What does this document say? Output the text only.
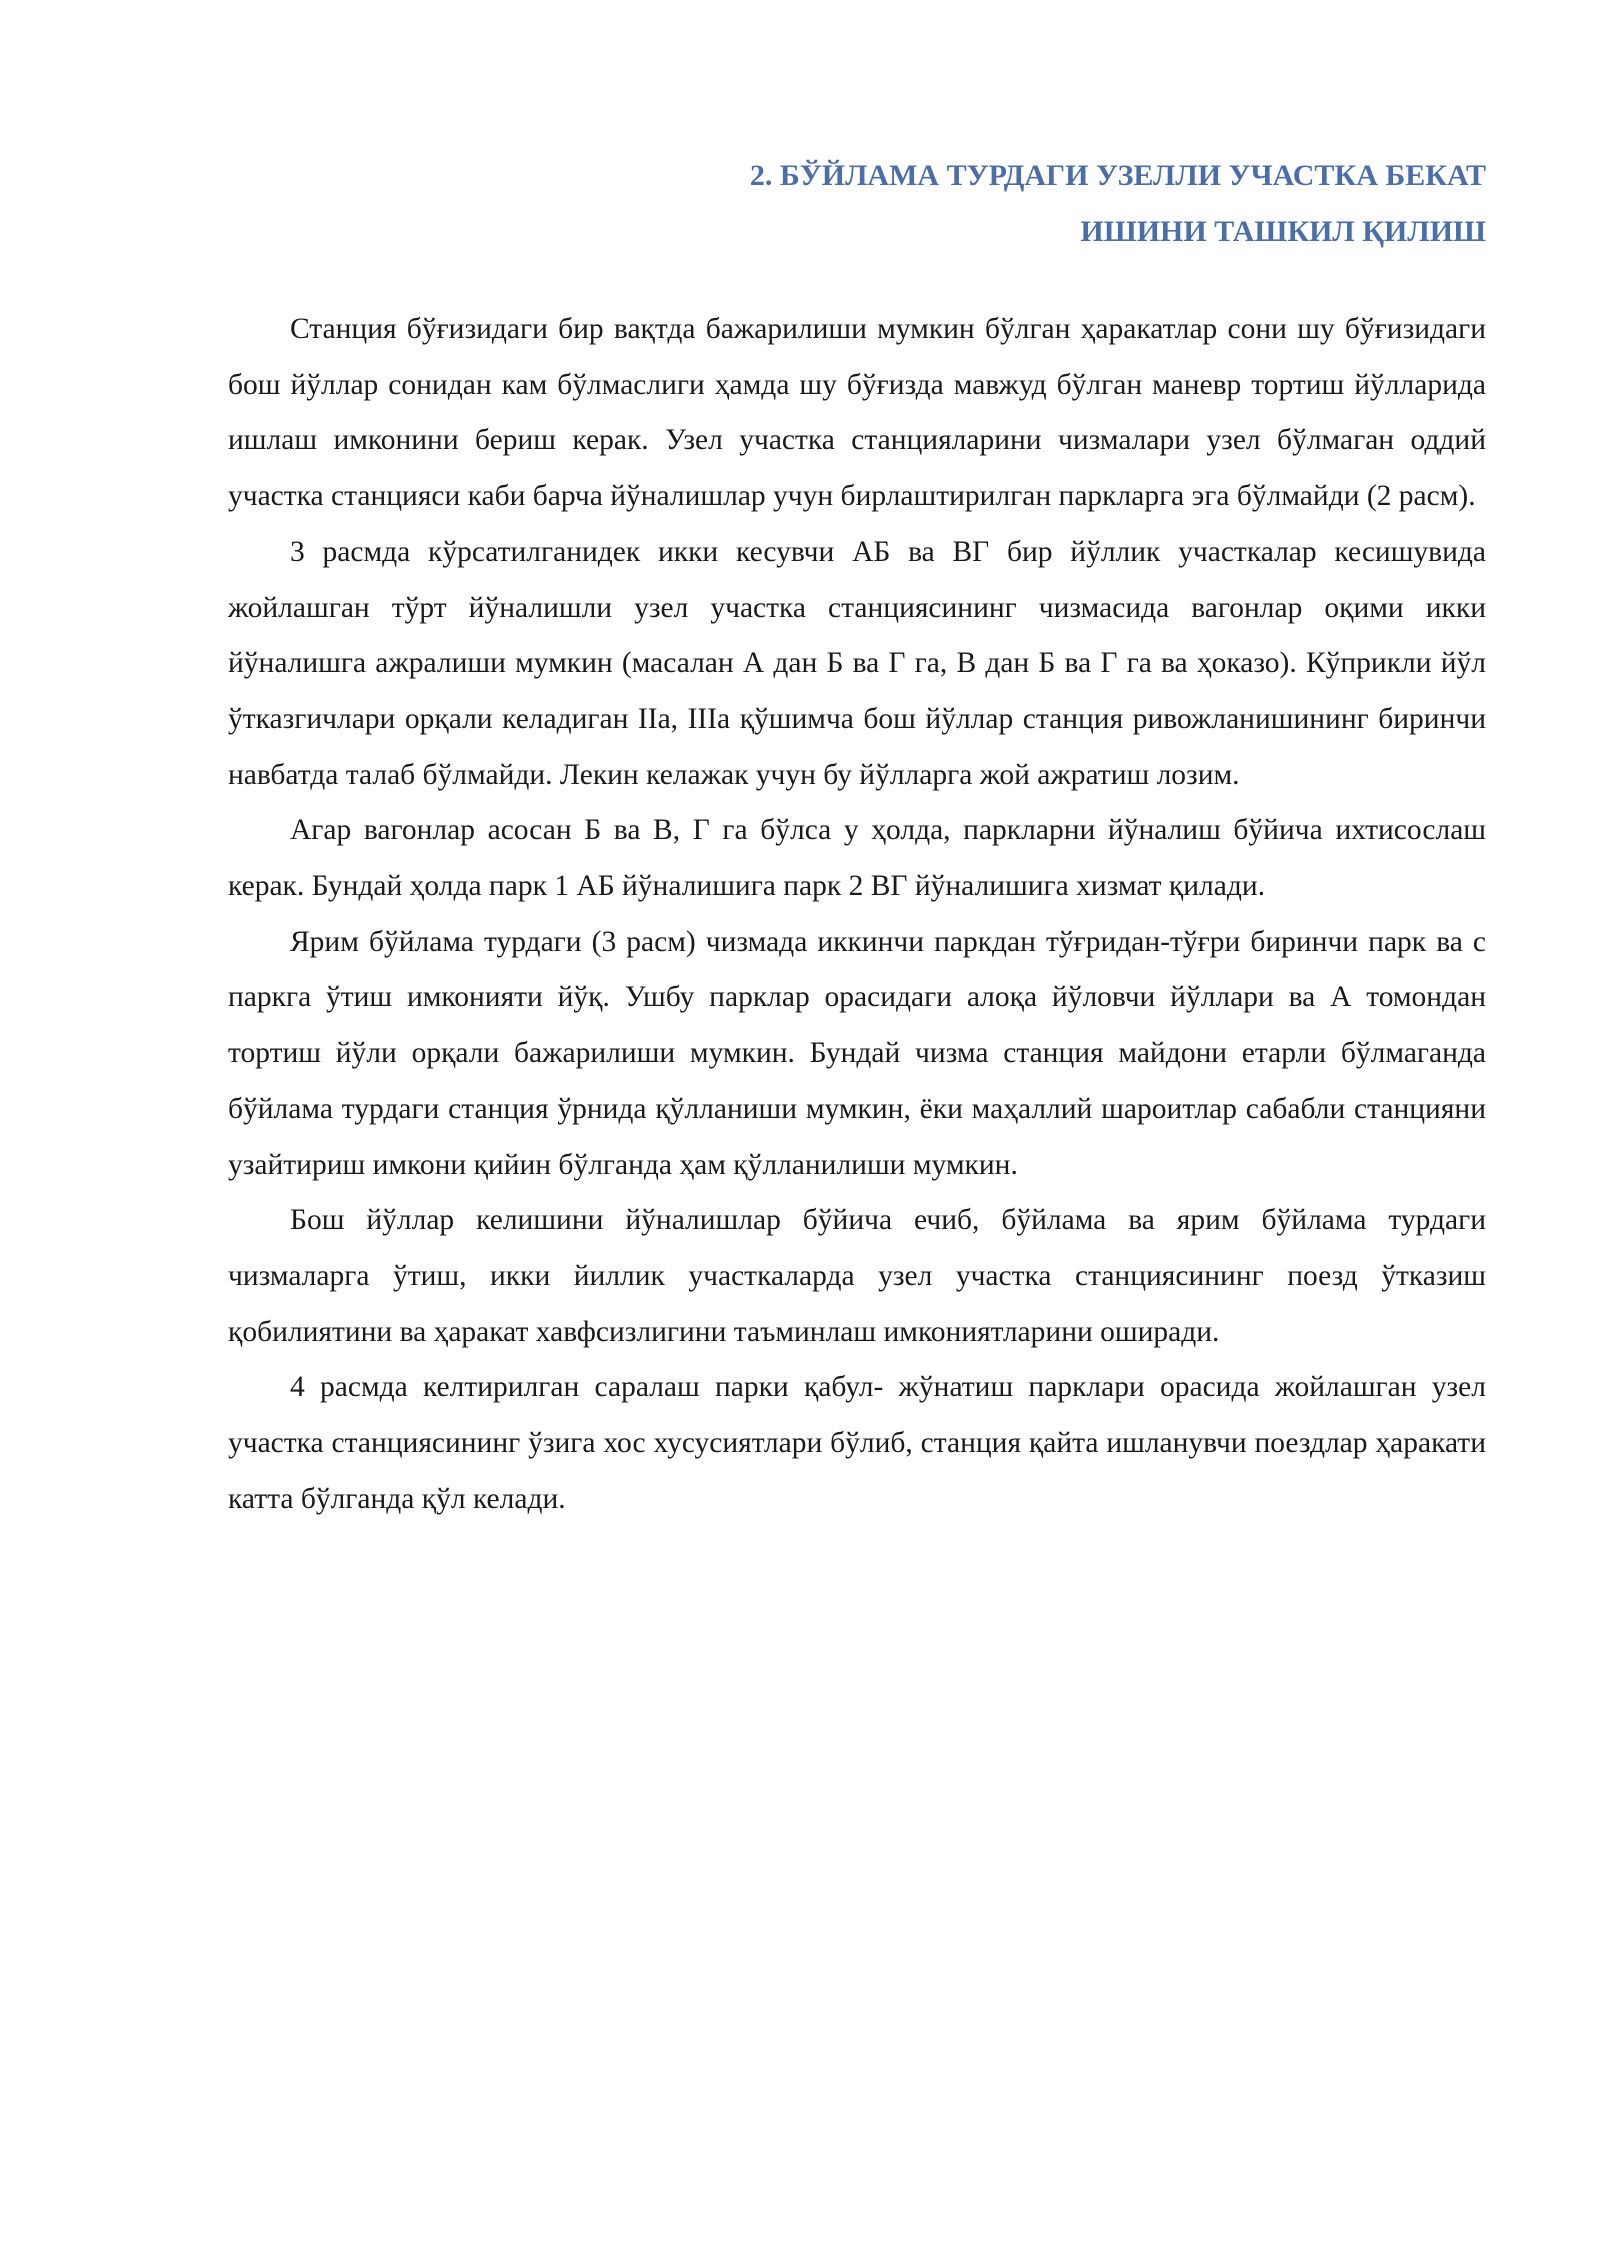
2. БЎЙЛАМА ТУРДАГИ УЗЕЛЛИ УЧАСТКА БЕКАТ
ИШИНИ ТАШКИЛ ҚИЛИШ

Станция бўғизидаги бир вақтда бажарилиши мумкин бўлган ҳаракатлар сони шу бўғизидаги бош йўллар сонидан кам бўлмаслиги ҳамда шу бўғизда мавжуд бўлган маневр тортиш йўлларида ишлаш имконини бериш керак. Узел участка станцияларини чизмалари узел бўлмаган оддий участка станцияси каби барча йўналишлар учун бирлаштирилган паркларга эга бўлмайди (2 расм).

3 расмда кўрсатилганидек икки кесувчи АБ ва ВГ бир йўллик участкалар кесишувида жойлашган тўрт йўналишли узел участка станциясининг чизмасида вагонлар оқими икки йўналишга ажралиши мумкин (масалан А дан Б ва Г га, В дан Б ва Г га ва ҳоказо). Кўприкли йўл ўтказгичлари орқали келадиган IIа, IIIа қўшимча бош йўллар станция ривожланишининг биринчи навбатда талаб бўлмайди. Лекин келажак учун бу йўлларга жой ажратиш лозим.

Агар вагонлар асосан Б ва В, Г га бўлса у ҳолда, паркларни йўналиш бўйича ихтисослаш керак. Бундай ҳолда парк 1 АБ йўналишига парк 2 ВГ йўналишига хизмат қилади.

Ярим бўйлама турдаги (3 расм) чизмада иккинчи паркдан тўғридан-тўғри биринчи парк ва с паркга ўтиш имконияти йўқ. Ушбу парклар орасидаги алоқа йўловчи йўллари ва А томондан тортиш йўли орқали бажарилиши мумкин. Бундай чизма станция майдони етарли бўлмаганда бўйлама турдаги станция ўрнида қўлланиши мумкин, ёки маҳаллий шароитлар сабабли станцияни узайтириш имкони қийин бўлганда ҳам қўлланилиши мумкин.

Бош йўллар келишини йўналишлар бўйича ечиб, бўйлама ва ярим бўйлама турдаги чизмаларга ўтиш, икки йиллик участкаларда узел участка станциясининг поезд ўтказиш қобилиятини ва ҳаракат хавфсизлигини таъминлаш имкониятларини оширади.

4 расмда келтирилган саралаш парки қабул- жўнатиш парклари орасида жойлашган узел участка станциясининг ўзига хос хусусиятлари бўлиб, станция қайта ишланувчи поездлар ҳаракати катта бўлганда қўл келади.
